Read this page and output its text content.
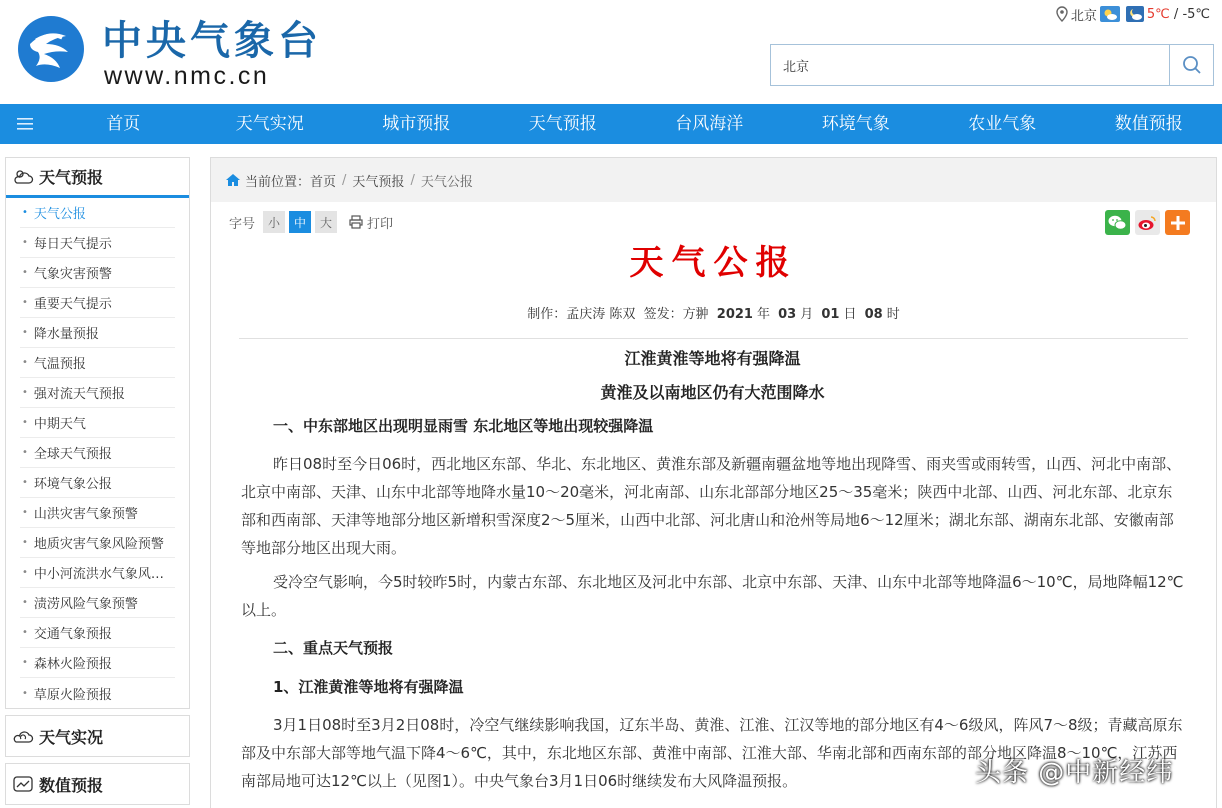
中央气象台
www.nmc.cn
北京	5℃ / -5℃
北京
首页	天气实况	城市预报	天气预报	台风海洋	环境气象	农业气象	数值预报
天气预报
• 天气公报
• 每日天气提示
• 气象灾害预警
• 重要天气提示
• 降水量预报
• 气温预报
• 强对流天气预报
• 中期天气
• 全球天气预报
• 环境气象公报
• 山洪灾害气象预警
• 地质灾害气象风险预警
• 中小河流洪水气象风…
• 渍涝风险气象预警
• 交通气象预报
• 森林火险预报
• 草原火险预报
天气实况
数值预报
当前位置： 首页 / 天气预报 / 天气公报
字号	小	中	大	打印
天气公报
制作：孟庆涛 陈双  签发：方翀 2021 年 03 月 01 日 08 时
江淮黄淮等地将有强降温
黄淮及以南地区仍有大范围降水
一、中东部地区出现明显雨雪 东北地区等地出现较强降温

昨日08时至今日06时，西北地区东部、华北、东北地区、黄淮东部及新疆南疆盆地等地出现降雪、雨夹雪或雨转雪，山西、河北中南部、北京中南部、天津、山东中北部等地降水量10～20毫米，河北南部、山东北部部分地区25～35毫米；陕西中北部、山西、河北东部、北京东部和西南部、天津等地部分地区新增积雪深度2～5厘米，山西中北部、河北唐山和沧州等局地6～12厘米；湖北东部、湖南东北部、安徽南部等地部分地区出现大雨。

受冷空气影响，今5时较昨5时，内蒙古东部、东北地区及河北中东部、北京中东部、天津、山东中北部等地降温6～10℃，局地降幅12℃以上。

二、重点天气预报
1、江淮黄淮等地将有强降温

3月1日08时至3月2日08时，冷空气继续影响我国，辽东半岛、黄淮、江淮、江汉等地的部分地区有4～6级风，阵风7～8级；青藏高原东部及中东部大部等地气温下降4～6℃，其中，东北地区东部、黄淮中南部、江淮大部、华南北部和西南东部的部分地区降温8～10℃，江苏西南部局地可达12℃以上（见图1）。中央气象台3月1日06时继续发布大风降温预报。	头条 @中新经纬
